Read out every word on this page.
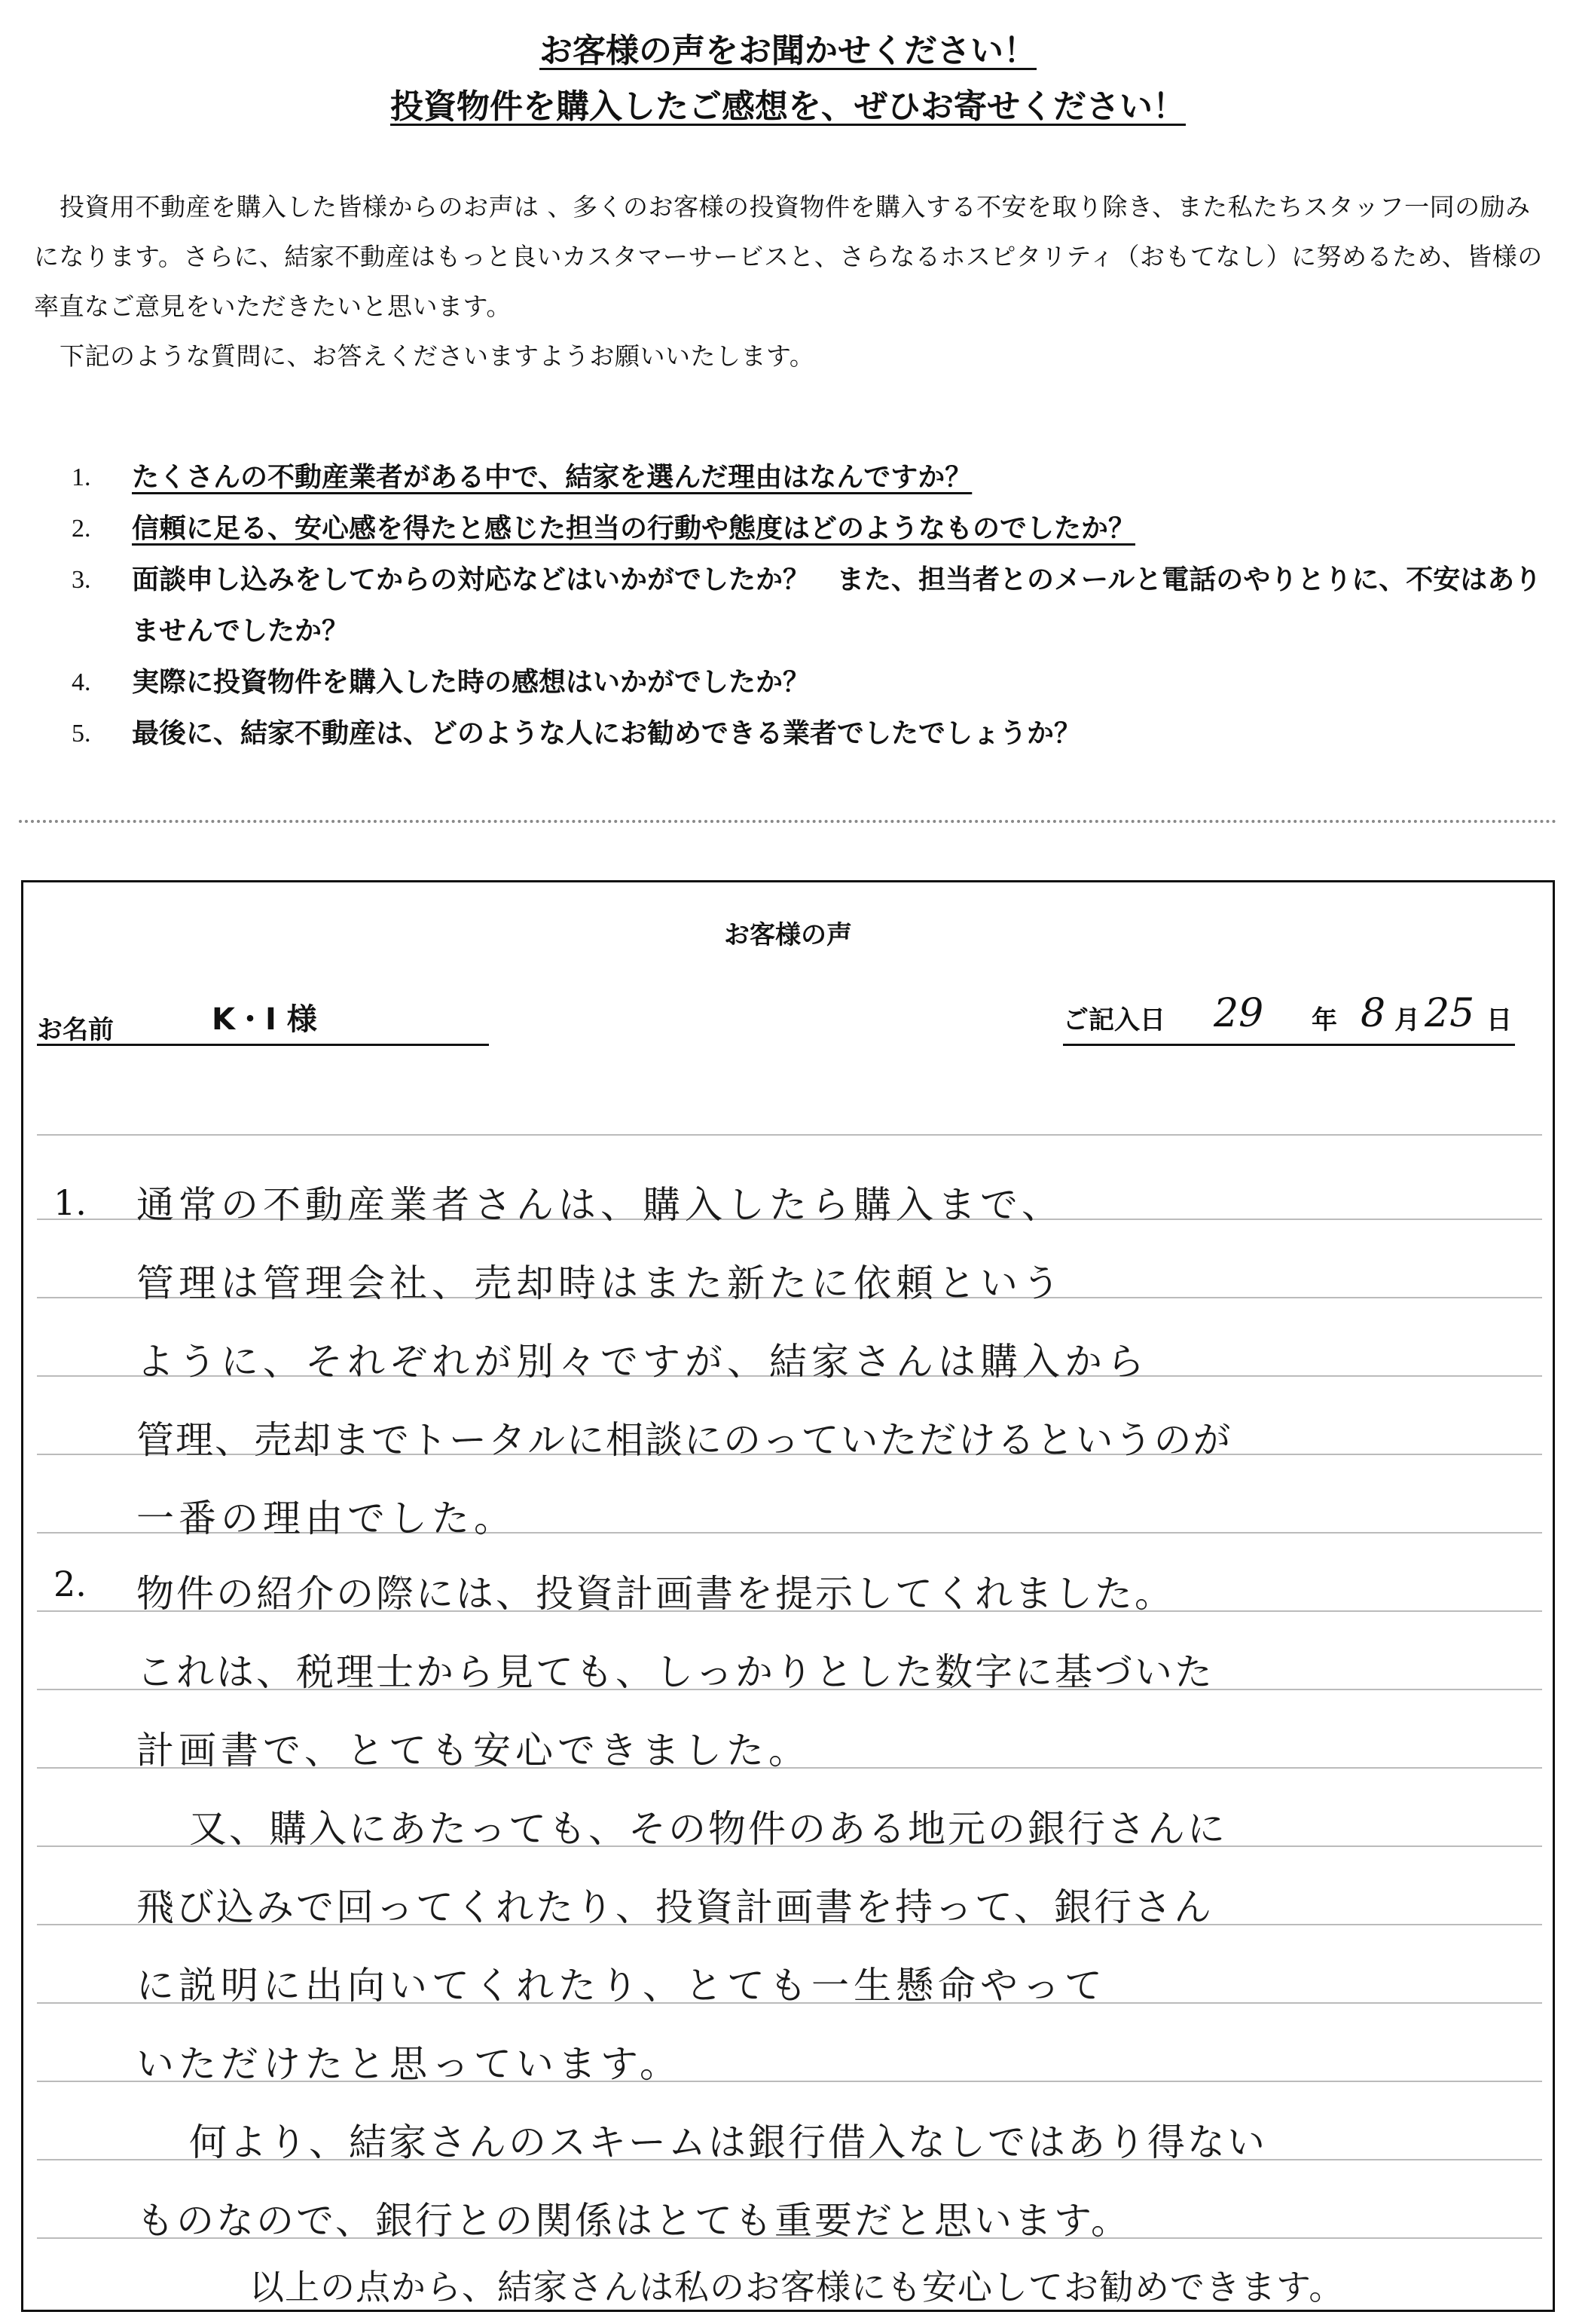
お客様の声をお聞かせください！
投資物件を購入したご感想を、ぜひお寄せください！
投資用不動産を購入した皆様からのお声は 、多くのお客様の投資物件を購入する不安を取り除き、また私たちスタッフ一同の励みになります。さらに、結家不動産はもっと良いカスタマーサービスと、さらなるホスピタリティ（おもてなし）に努めるため、皆様の率直なご意見をいただきたいと思います。
下記のような質問に、お答えくださいますようお願いいたします。
1. たくさんの不動産業者がある中で、結家を選んだ理由はなんですか？
2. 信頼に足る、安心感を得たと感じた担当の行動や態度はどのようなものでしたか？
3. 面談申し込みをしてからの対応などはいかがでしたか？　また、担当者とのメールと電話のやりとりに、不安はありませんでしたか？
4. 実際に投資物件を購入した時の感想はいかがでしたか？
5. 最後に、結家不動産は、どのような人にお勧めできる業者でしたでしょうか？
お客様の声
お名前	K・I 様	ご記入日 29 年 8 月 25 日
1. 通常の不動産業者さんは、購入したら購入まで、
管理は管理会社、売却時はまた新たに依頼という
ように、それぞれが別々ですが、結家さんは購入から
管理、売却までトータルに相談にのっていただけるというのが
一番の理由でした。
2. 物件の紹介の際には、投資計画書を提示してくれました。
これは、税理士から見ても、しっかりとした数字に基づいた
計画書で、とても安心できました。
又、購入にあたっても、その物件のある地元の銀行さんに
飛び込みで回ってくれたり、投資計画書を持って、銀行さん
に説明に出向いてくれたり、とても一生懸命やって
いただけたと思っています。
何より、結家さんのスキームは銀行借入なしではあり得ない
ものなので、銀行との関係はとても重要だと思います。
以上の点から、結家さんは私のお客様にも安心してお勧めできます。
